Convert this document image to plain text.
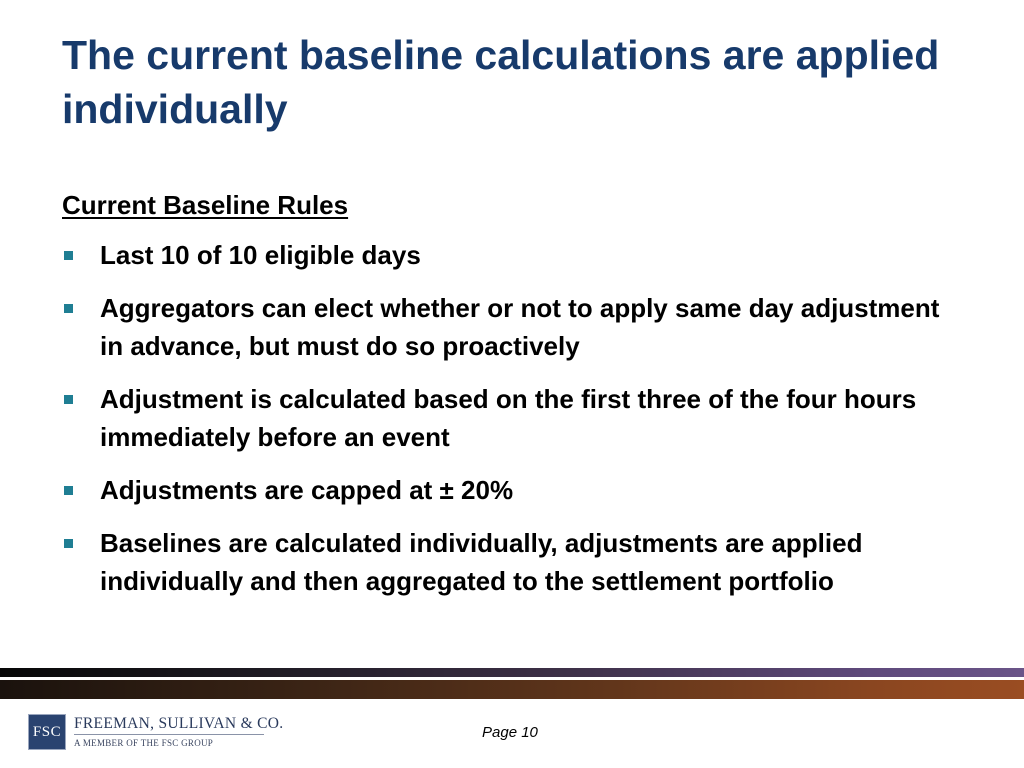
The current baseline calculations are applied individually
Current Baseline Rules
Last 10 of 10 eligible days
Aggregators can elect whether or not to apply same day adjustment in advance, but must do so proactively
Adjustment is calculated based on the first three of the four hours immediately before an event
Adjustments are capped at ± 20%
Baselines are calculated individually, adjustments are applied individually and then aggregated to the settlement portfolio
FSC FREEMAN, SULLIVAN & CO.
A MEMBER OF THE FSC GROUP
Page 10
